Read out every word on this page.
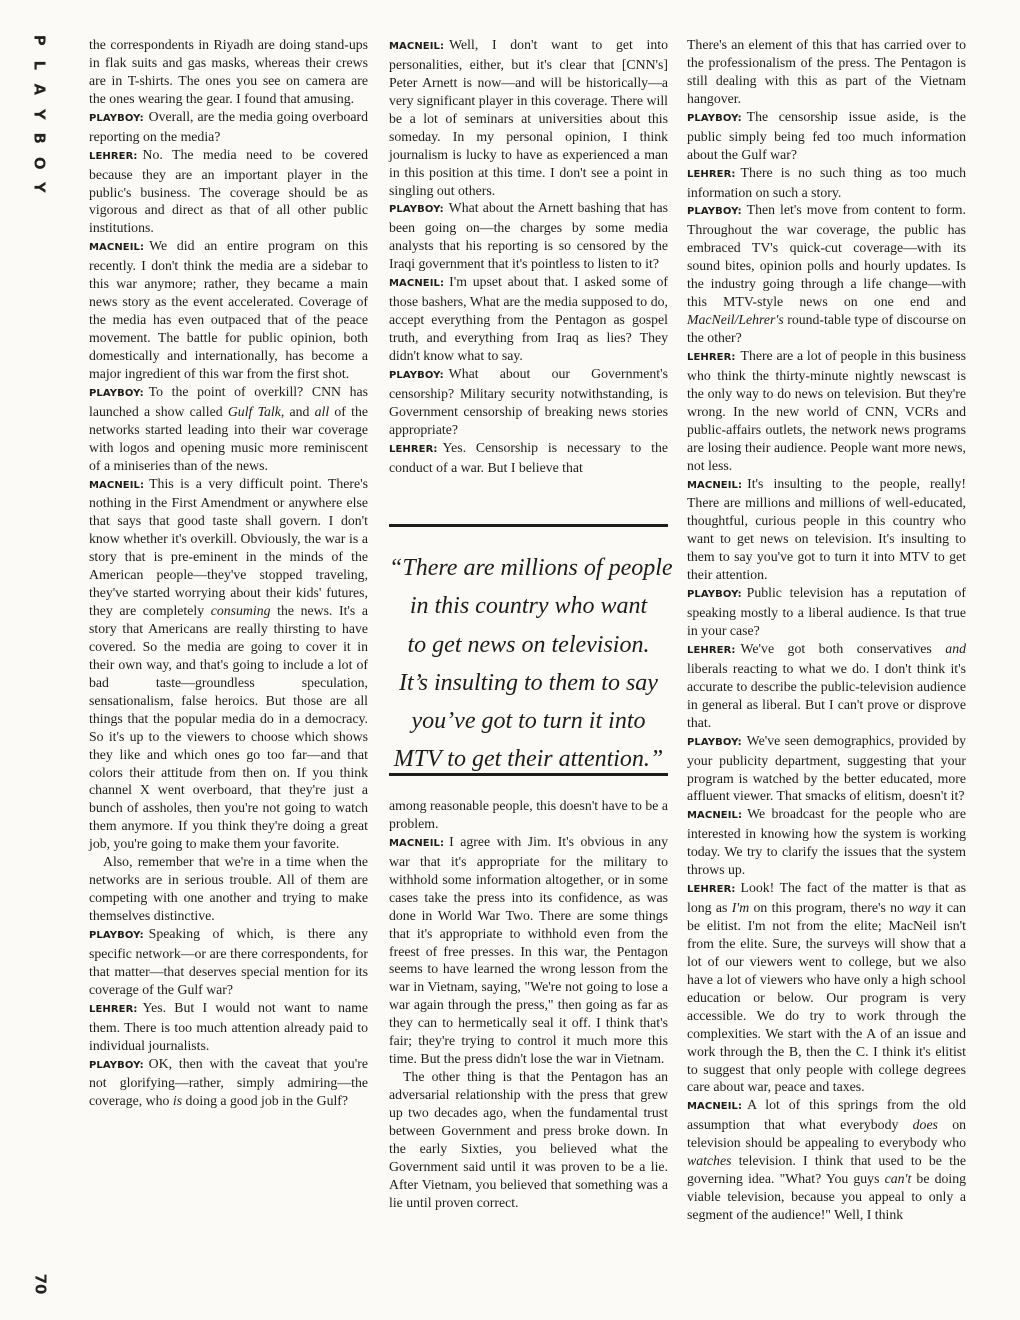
P
L
A
Y
B
O
Y
70

the correspondents in Riyadh are doing stand-ups in flak suits and gas masks, whereas their crews are in T-shirts. The ones you see on camera are the ones wearing the gear. I found that amusing.

PLAYBOY: Overall, are the media going overboard reporting on the media?

LEHRER: No. The media need to be covered because they are an important player in the public's business. The coverage should be as vigorous and direct as that of all other public institutions.

MACNEIL: We did an entire program on this recently. I don't think the media are a sidebar to this war anymore; rather, they became a main news story as the event accelerated. Coverage of the media has even outpaced that of the peace movement. The battle for public opinion, both domestically and internationally, has become a major ingredient of this war from the first shot.

PLAYBOY: To the point of overkill? CNN has launched a show called Gulf Talk, and all of the networks started leading into their war coverage with logos and opening music more reminiscent of a miniseries than of the news.

MACNEIL: This is a very difficult point. There's nothing in the First Amendment or anywhere else that says that good taste shall govern. I don't know whether it's overkill. Obviously, the war is a story that is pre-eminent in the minds of the American people—they've stopped traveling, they've started worrying about their kids' futures, they are completely consuming the news. It's a story that Americans are really thirsting to have covered. So the media are going to cover it in their own way, and that's going to include a lot of bad taste—groundless speculation, sensationalism, false heroics. But those are all things that the popular media do in a democracy. So it's up to the viewers to choose which shows they like and which ones go too far—and that colors their attitude from then on. If you think channel X went overboard, that they're just a bunch of assholes, then you're not going to watch them anymore. If you think they're doing a great job, you're going to make them your favorite.

Also, remember that we're in a time when the networks are in serious trouble. All of them are competing with one another and trying to make themselves distinctive.

PLAYBOY: Speaking of which, is there any specific network—or are there correspondents, for that matter—that deserves special mention for its coverage of the Gulf war?

LEHRER: Yes. But I would not want to name them. There is too much attention already paid to individual journalists.

PLAYBOY: OK, then with the caveat that you're not glorifying—rather, simply admiring—the coverage, who is doing a good job in the Gulf?

MACNEIL: Well, I don't want to get into personalities, either, but it's clear that [CNN's] Peter Arnett is now—and will be historically—a very significant player in this coverage. There will be a lot of seminars at universities about this someday. In my personal opinion, I think journalism is lucky to have as experienced a man in this position at this time. I don't see a point in singling out others.

PLAYBOY: What about the Arnett bashing that has been going on—the charges by some media analysts that his reporting is so censored by the Iraqi government that it's pointless to listen to it?

MACNEIL: I'm upset about that. I asked some of those bashers, What are the media supposed to do, accept everything from the Pentagon as gospel truth, and everything from Iraq as lies? They didn't know what to say.

PLAYBOY: What about our Government's censorship? Military security notwithstanding, is Government censorship of breaking news stories appropriate?

LEHRER: Yes. Censorship is necessary to the conduct of a war. But I believe that

“There are millions of people
in this country who want
to get news on television.
It’s insulting to them to say
you’ve got to turn it into
MTV to get their attention.”

among reasonable people, this doesn't have to be a problem.

MACNEIL: I agree with Jim. It's obvious in any war that it's appropriate for the military to withhold some information altogether, or in some cases take the press into its confidence, as was done in World War Two. There are some things that it's appropriate to withhold even from the freest of free presses. In this war, the Pentagon seems to have learned the wrong lesson from the war in Vietnam, saying, "We're not going to lose a war again through the press," then going as far as they can to hermetically seal it off. I think that's fair; they're trying to control it much more this time. But the press didn't lose the war in Vietnam.

The other thing is that the Pentagon has an adversarial relationship with the press that grew up two decades ago, when the fundamental trust between Government and press broke down. In the early Sixties, you believed what the Government said until it was proven to be a lie. After Vietnam, you believed that something was a lie until proven correct.

There's an element of this that has carried over to the professionalism of the press. The Pentagon is still dealing with this as part of the Vietnam hangover.

PLAYBOY: The censorship issue aside, is the public simply being fed too much information about the Gulf war?

LEHRER: There is no such thing as too much information on such a story.

PLAYBOY: Then let's move from content to form. Throughout the war coverage, the public has embraced TV's quick-cut coverage—with its sound bites, opinion polls and hourly updates. Is the industry going through a life change—with this MTV-style news on one end and MacNeil/Lehrer's round-table type of discourse on the other?

LEHRER: There are a lot of people in this business who think the thirty-minute nightly newscast is the only way to do news on television. But they're wrong. In the new world of CNN, VCRs and public-affairs outlets, the network news programs are losing their audience. People want more news, not less.

MACNEIL: It's insulting to the people, really! There are millions and millions of well-educated, thoughtful, curious people in this country who want to get news on television. It's insulting to them to say you've got to turn it into MTV to get their attention.

PLAYBOY: Public television has a reputation of speaking mostly to a liberal audience. Is that true in your case?

LEHRER: We've got both conservatives and liberals reacting to what we do. I don't think it's accurate to describe the public-television audience in general as liberal. But I can't prove or disprove that.

PLAYBOY: We've seen demographics, provided by your publicity department, suggesting that your program is watched by the better educated, more affluent viewer. That smacks of elitism, doesn't it?

MACNEIL: We broadcast for the people who are interested in knowing how the system is working today. We try to clarify the issues that the system throws up.

LEHRER: Look! The fact of the matter is that as long as I'm on this program, there's no way it can be elitist. I'm not from the elite; MacNeil isn't from the elite. Sure, the surveys will show that a lot of our viewers went to college, but we also have a lot of viewers who have only a high school education or below. Our program is very accessible. We do try to work through the complexities. We start with the A of an issue and work through the B, then the C. I think it's elitist to suggest that only people with college degrees care about war, peace and taxes.

MACNEIL: A lot of this springs from the old assumption that what everybody does on television should be appealing to everybody who watches television. I think that used to be the governing idea. "What? You guys can't be doing viable television, because you appeal to only a segment of the audience!" Well, I think
